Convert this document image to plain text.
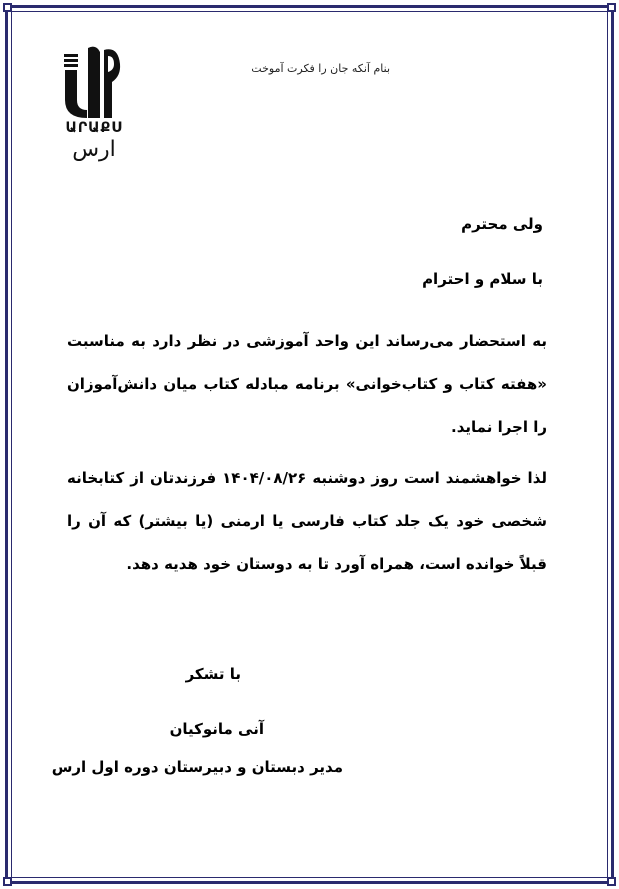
ԱՐԱՔՍ
ارس
بنام آنکه جان را فکرت آموخت
ولی محترم
با سلام و احترام
به استحضار می‌رساند این واحد آموزشی در نظر دارد به مناسبت «هفته کتاب و کتاب‌خوانی» برنامه مبادله کتاب میان دانش‌آموزان را اجرا نماید.
لذا خواهشمند است روز دوشنبه ۱۴۰۴/۰۸/۲۶ فرزندتان از کتابخانه شخصی خود یک جلد کتاب فارسی یا ارمنی (یا بیشتر) که آن را قبلاً خوانده است، همراه آورد تا به دوستان خود هدیه دهد.
با تشکر
آنی مانوکیان
مدیر دبستان و دبیرستان دوره اول ارس
